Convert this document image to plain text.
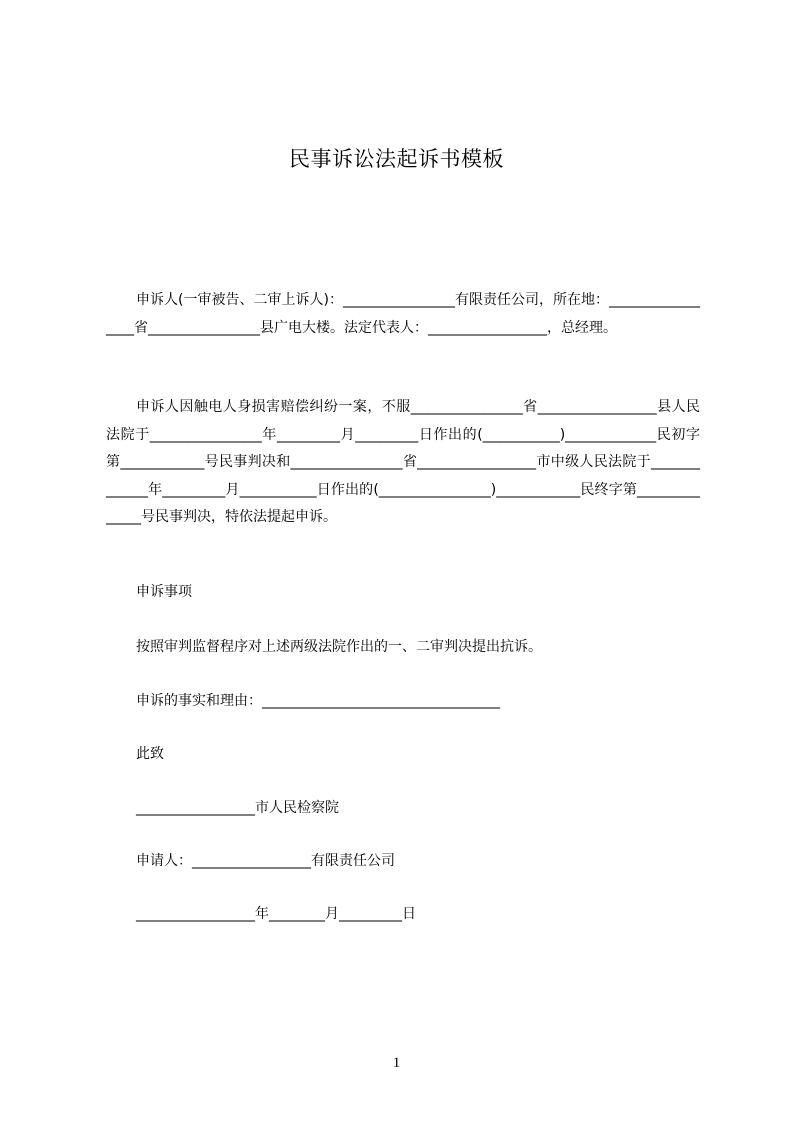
民事诉讼法起诉书模板
申诉人(一审被告、二审上诉人)：________________有限责任公司，所在地：_________________省________________县广电大楼。法定代表人：_________________，总经理。
申诉人因触电人身损害赔偿纠纷一案，不服________________省_________________县人民法院于________________年_________月_________日作出的(___________)_____________民初字第____________号民事判决和________________省_________________市中级人民法院于_____________年_________月___________日作出的(________________)____________民终字第______________号民事判决，特依法提起申诉。
申诉事项
按照审判监督程序对上述两级法院作出的一、二审判决提出抗诉。
申诉的事实和理由：__________________________________
此致
_________________市人民检察院
申请人：_________________有限责任公司
_________________年________月_________日
1
